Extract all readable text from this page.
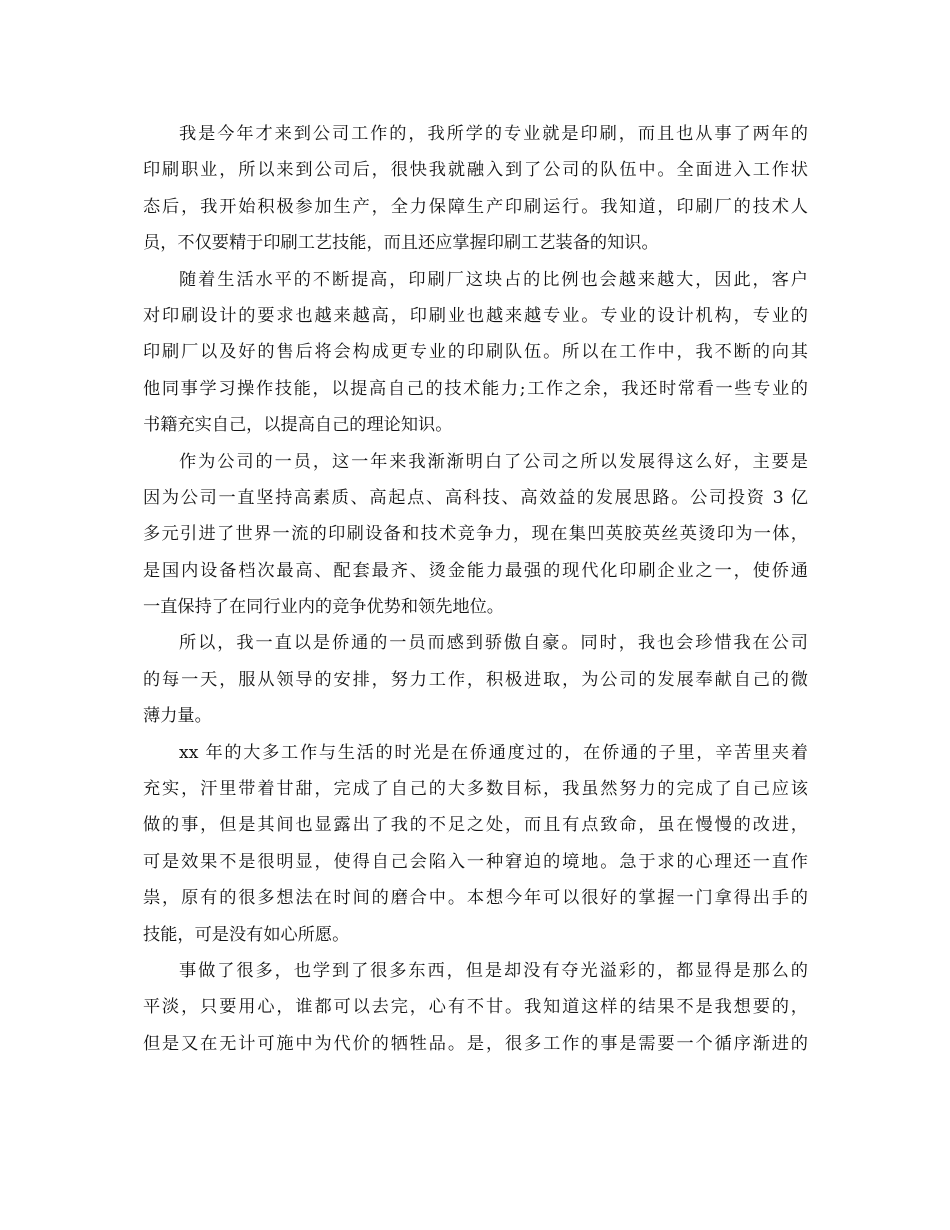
我是今年才来到公司工作的，我所学的专业就是印刷，而且也从事了两年的
印刷职业，所以来到公司后，很快我就融入到了公司的队伍中。全面进入工作状
态后，我开始积极参加生产，全力保障生产印刷运行。我知道，印刷厂的技术人
员，不仅要精于印刷工艺技能，而且还应掌握印刷工艺装备的知识。
随着生活水平的不断提高，印刷厂这块占的比例也会越来越大，因此，客户
对印刷设计的要求也越来越高，印刷业也越来越专业。专业的设计机构，专业的
印刷厂以及好的售后将会构成更专业的印刷队伍。所以在工作中，我不断的向其
他同事学习操作技能，以提高自己的技术能力;工作之余，我还时常看一些专业的
书籍充实自己，以提高自己的理论知识。
作为公司的一员，这一年来我渐渐明白了公司之所以发展得这么好，主要是
因为公司一直坚持高素质、高起点、高科技、高效益的发展思路。公司投资 3 亿
多元引进了世界一流的印刷设备和技术竞争力，现在集凹英胶英丝英烫印为一体，
是国内设备档次最高、配套最齐、烫金能力最强的现代化印刷企业之一，使侨通
一直保持了在同行业内的竞争优势和领先地位。
所以，我一直以是侨通的一员而感到骄傲自豪。同时，我也会珍惜我在公司
的每一天，服从领导的安排，努力工作，积极进取，为公司的发展奉献自己的微
薄力量。
xx 年的大多工作与生活的时光是在侨通度过的，在侨通的子里，辛苦里夹着
充实，汗里带着甘甜，完成了自己的大多数目标，我虽然努力的完成了自己应该
做的事，但是其间也显露出了我的不足之处，而且有点致命，虽在慢慢的改进，
可是效果不是很明显，使得自己会陷入一种窘迫的境地。急于求的心理还一直作
祟，原有的很多想法在时间的磨合中。本想今年可以很好的掌握一门拿得出手的
技能，可是没有如心所愿。
事做了很多，也学到了很多东西，但是却没有夺光溢彩的，都显得是那么的
平淡，只要用心，谁都可以去完，心有不甘。我知道这样的结果不是我想要的，
但是又在无计可施中为代价的牺牲品。是，很多工作的事是需要一个循序渐进的
